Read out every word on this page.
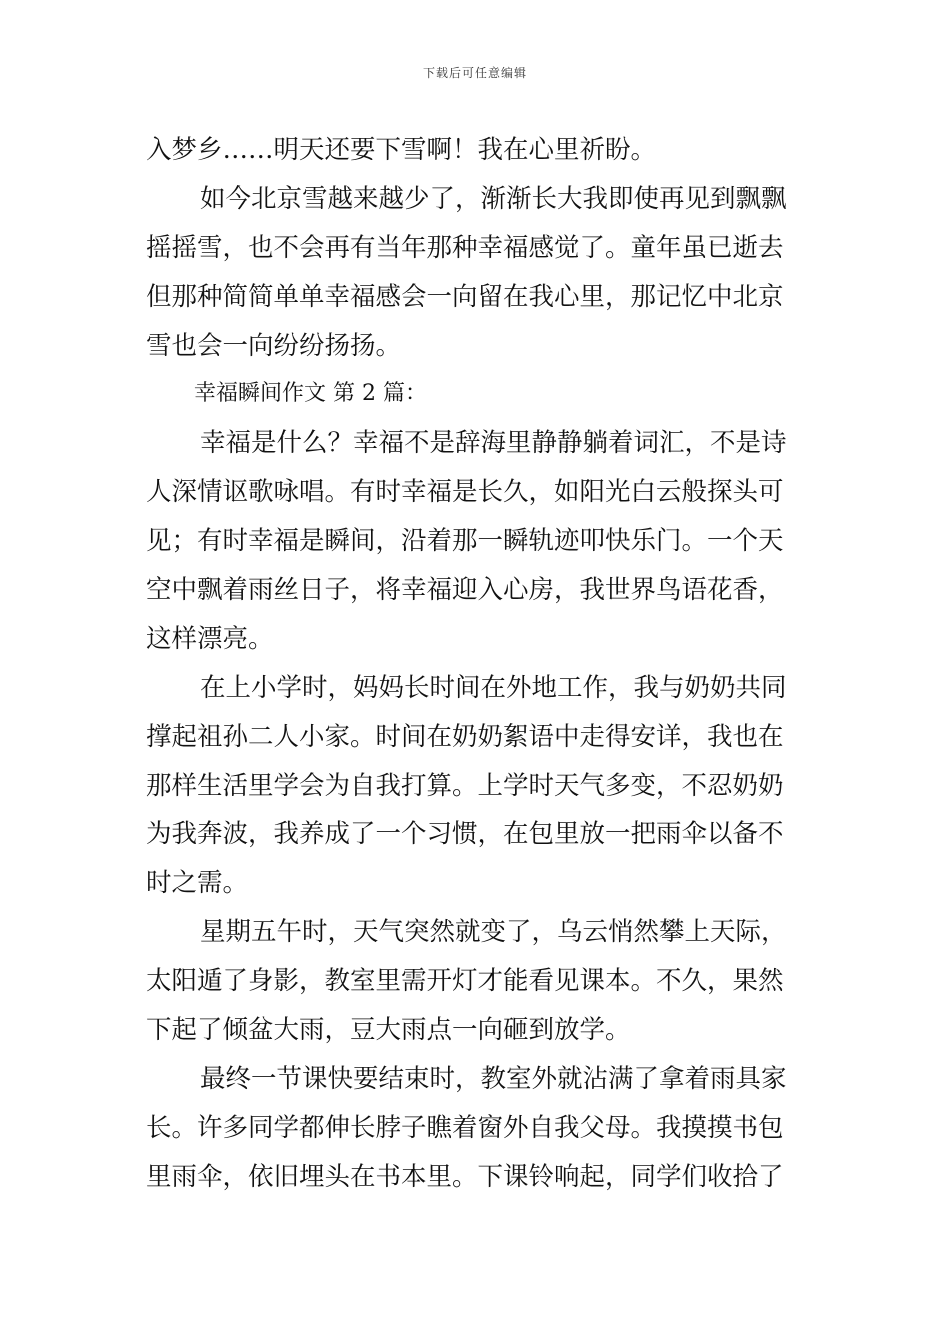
下载后可任意编辑
入梦乡……明天还要下雪啊！我在心里祈盼。
如今北京雪越来越少了，渐渐长大我即使再见到飘飘
摇摇雪，也不会再有当年那种幸福感觉了。童年虽已逝去
但那种简简单单幸福感会一向留在我心里，那记忆中北京
雪也会一向纷纷扬扬。
幸福瞬间作文 第 2 篇：
幸福是什么？幸福不是辞海里静静躺着词汇，不是诗
人深情讴歌咏唱。有时幸福是长久，如阳光白云般探头可
见；有时幸福是瞬间，沿着那一瞬轨迹叩快乐门。一个天
空中飘着雨丝日子，将幸福迎入心房，我世界鸟语花香，
这样漂亮。
在上小学时，妈妈长时间在外地工作，我与奶奶共同
撑起祖孙二人小家。时间在奶奶絮语中走得安详，我也在
那样生活里学会为自我打算。上学时天气多变，不忍奶奶
为我奔波，我养成了一个习惯，在包里放一把雨伞以备不
时之需。
星期五午时，天气突然就变了，乌云悄然攀上天际，
太阳遁了身影，教室里需开灯才能看见课本。不久，果然
下起了倾盆大雨，豆大雨点一向砸到放学。
最终一节课快要结束时，教室外就沾满了拿着雨具家
长。许多同学都伸长脖子瞧着窗外自我父母。我摸摸书包
里雨伞，依旧埋头在书本里。下课铃响起，同学们收拾了
